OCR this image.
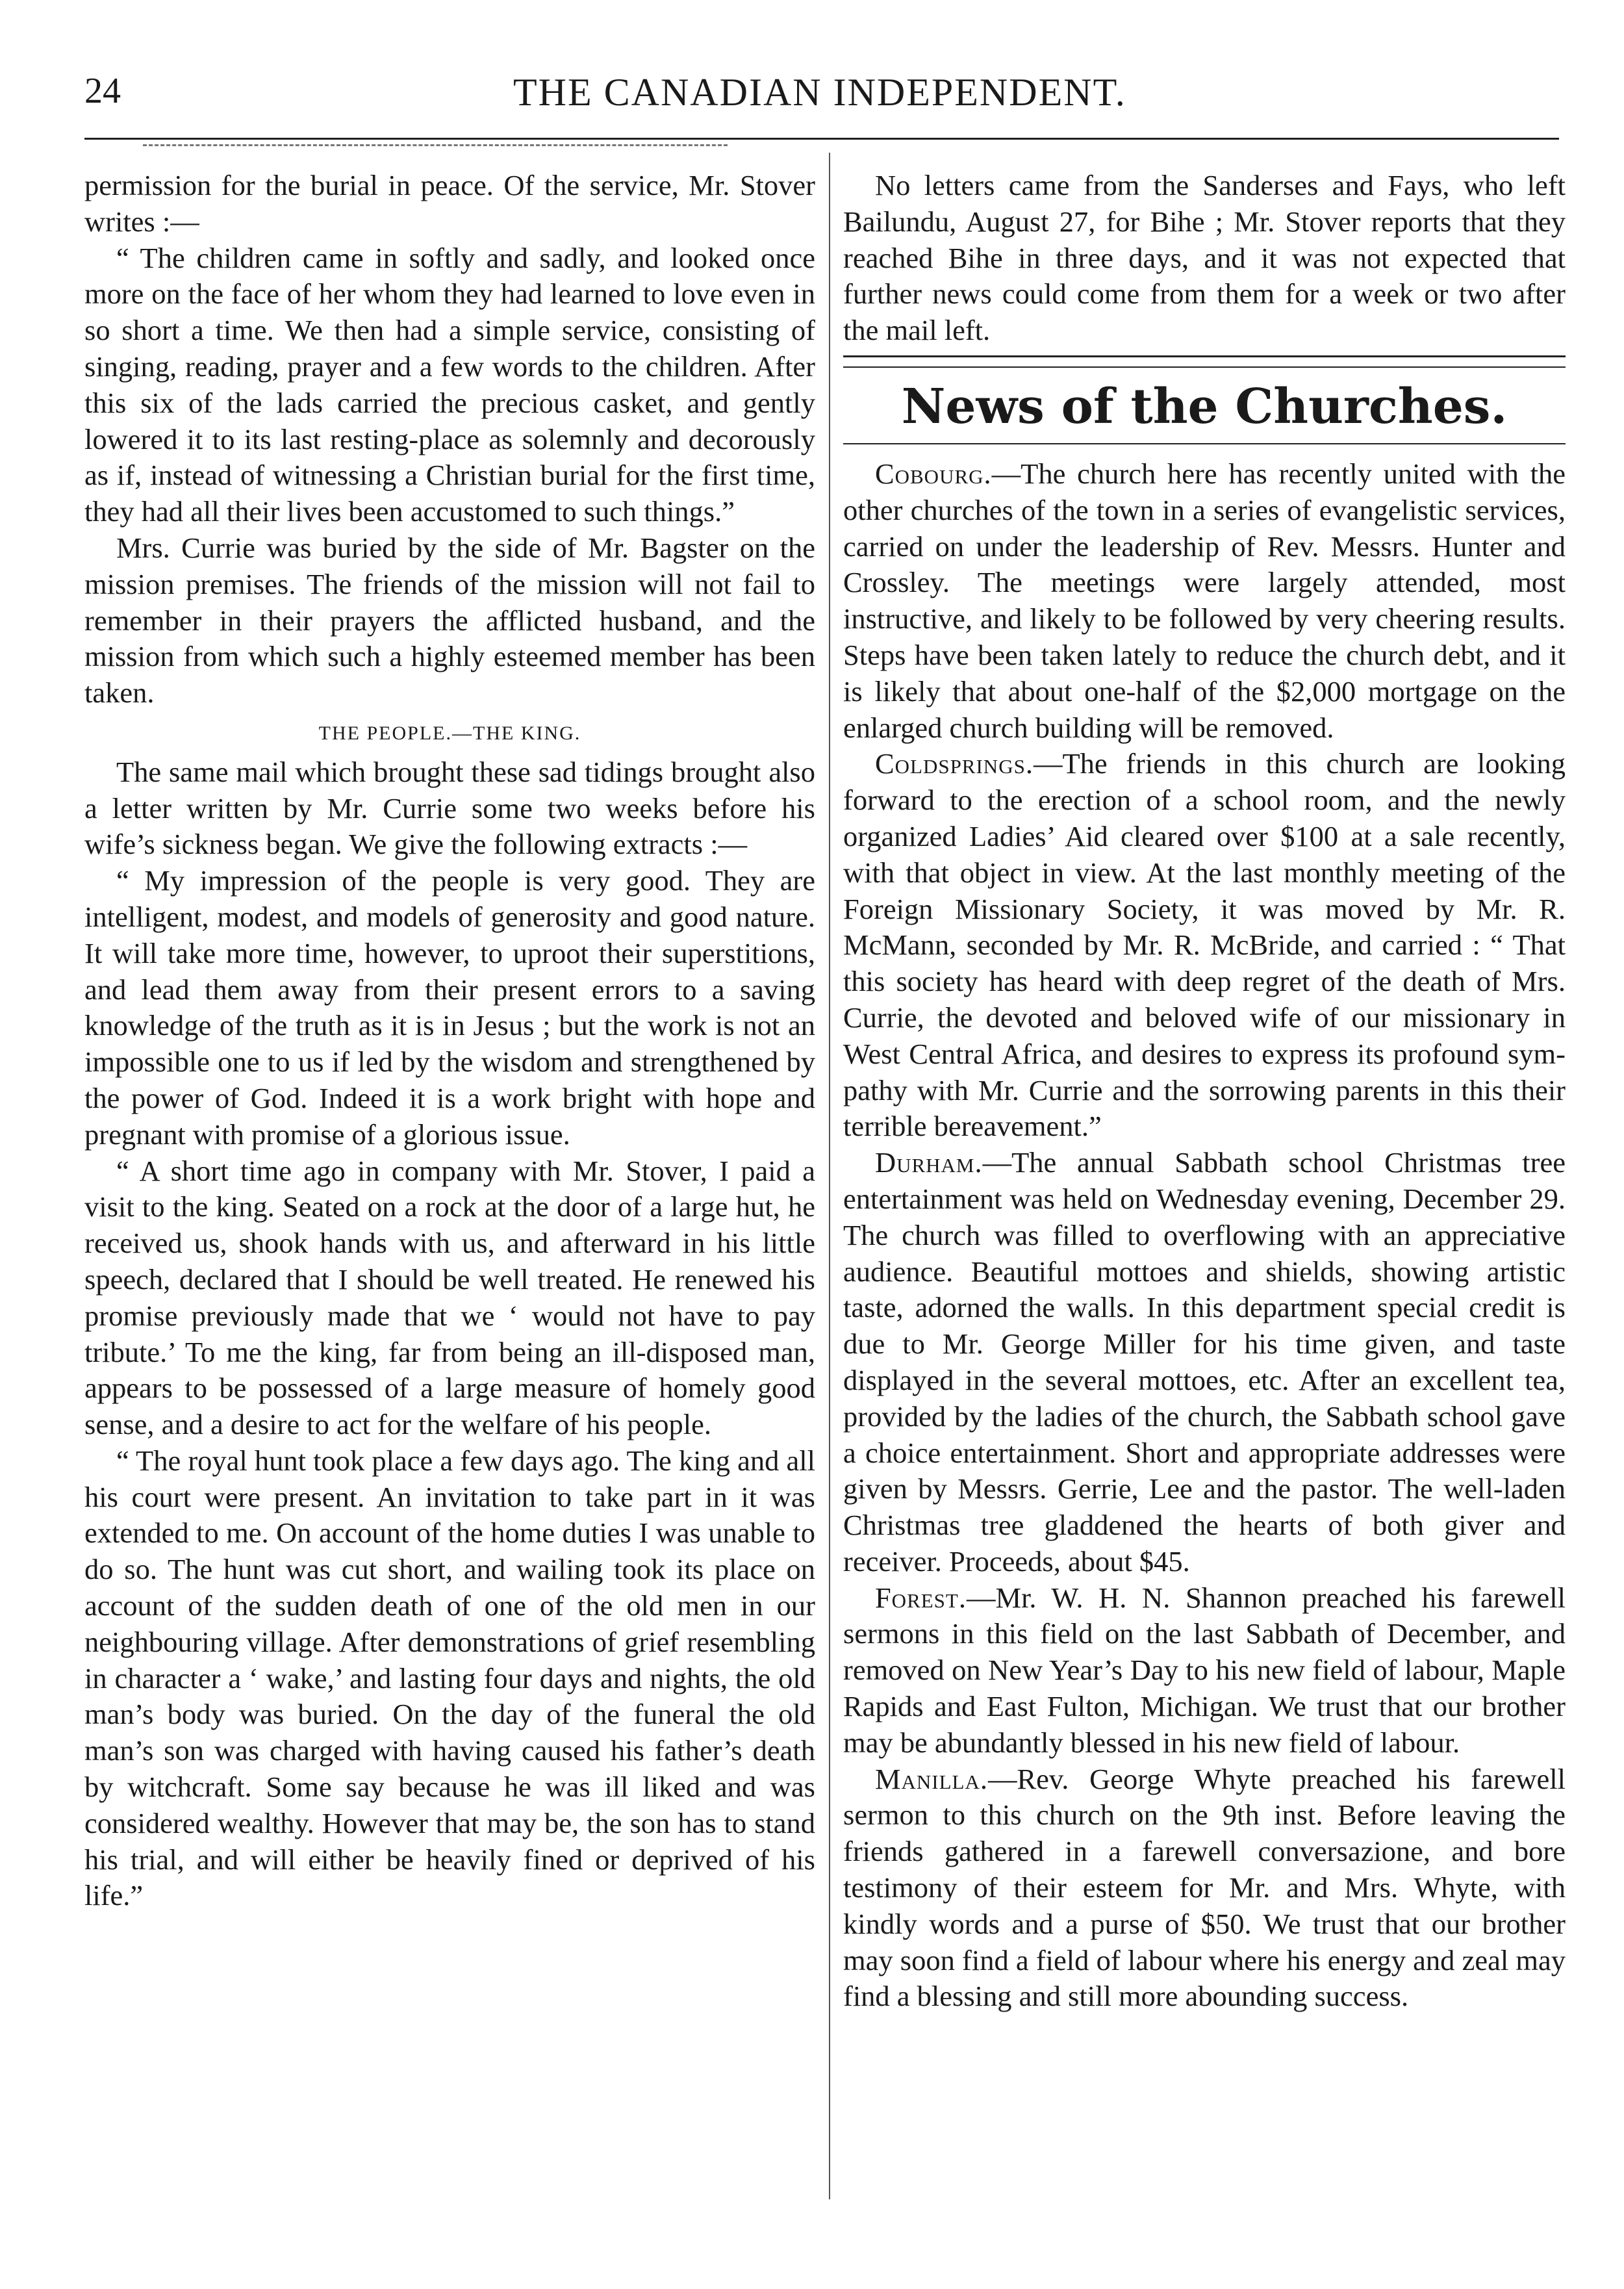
24	THE CANADIAN INDEPENDENT.

permission for the burial in peace. Of the service, Mr. Stover writes :—

“ The children came in softly and sadly, and looked once more on the face of her whom they had learned to love even in so short a time. We then had a simple service, consisting of singing, reading, prayer and a few words to the children. After this six of the lads carried the precious casket, and gently lowered it to its last resting-place as solemnly and decorously as if, instead of witnessing a Christian burial for the first time, they had all their lives been accustomed to such things.”

Mrs. Currie was buried by the side of Mr. Bagster on the mission premises. The friends of the mission will not fail to remember in their prayers the afflicted husband, and the mission from which such a highly esteemed member has been taken.

THE PEOPLE.—THE KING.

The same mail which brought these sad tidings brought also a letter written by Mr. Currie some two weeks before his wife’s sickness began. We give the following extracts :—

“ My impression of the people is very good. They are intelligent, modest, and models of generosity and good nature. It will take more time, however, to uproot their superstitions, and lead them away from their present errors to a saving knowledge of the truth as it is in Jesus ; but the work is not an impossible one to us if led by the wisdom and strengthened by the power of God. Indeed it is a work bright with hope and pregnant with promise of a glorious issue.

“ A short time ago in company with Mr. Stover, I paid a visit to the king. Seated on a rock at the door of a large hut, he received us, shook hands with us, and afterward in his little speech, declared that I should be well treated. He renewed his promise previously made that we ‘ would not have to pay tribute.’ To me the king, far from being an ill-disposed man, appears to be possessed of a large measure of homely good sense, and a desire to act for the welfare of his people.

“ The royal hunt took place a few days ago. The king and all his court were present. An invitation to take part in it was extended to me. On account of the home duties I was unable to do so. The hunt was cut short, and wailing took its place on account of the sudden death of one of the old men in our neighbouring village. After demonstrations of grief resembling in character a ‘ wake,’ and lasting four days and nights, the old man’s body was buried. On the day of the funeral the old man’s son was charged with having caused his father’s death by witchcraft. Some say because he was ill liked and was considered wealthy. However that may be, the son has to stand his trial, and will either be heavily fined or deprived of his life.”

No letters came from the Sanderses and Fays, who left Bailundu, August 27, for Bihe ; Mr. Stover reports that they reached Bihe in three days, and it was not expected that further news could come from them for a week or two after the mail left.

News of the Churches.

Cobourg.—The church here has recently united with the other churches of the town in a series of evangelistic services, carried on under the leadership of Rev. Messrs. Hunter and Crossley. The meetings were largely attended, most instructive, and likely to be followed by very cheering results. Steps have been taken lately to reduce the church debt, and it is likely that about one-half of the $2,000 mortgage on the enlarged church building will be removed.

Coldsprings.—The friends in this church are looking forward to the erection of a school room, and the newly organized Ladies’ Aid cleared over $100 at a sale recently, with that object in view. At the last monthly meeting of the Foreign Missionary Society, it was moved by Mr. R. McMann, seconded by Mr. R. McBride, and carried : “ That this society has heard with deep regret of the death of Mrs. Currie, the devoted and beloved wife of our missionary in West Central Africa, and desires to express its profound sympathy with Mr. Currie and the sorrowing parents in this their terrible bereavement.”

Durham.—The annual Sabbath school Christmas tree entertainment was held on Wednesday evening, December 29. The church was filled to overflowing with an appreciative audience. Beautiful mottoes and shields, showing artistic taste, adorned the walls. In this department special credit is due to Mr. George Miller for his time given, and taste displayed in the several mottoes, etc. After an excellent tea, provided by the ladies of the church, the Sabbath school gave a choice entertainment. Short and appropriate addresses were given by Messrs. Gerrie, Lee and the pastor. The well-laden Christmas tree gladdened the hearts of both giver and receiver. Proceeds, about $45.

Forest.—Mr. W. H. N. Shannon preached his farewell sermons in this field on the last Sabbath of December, and removed on New Year’s Day to his new field of labour, Maple Rapids and East Fulton, Michigan. We trust that our brother may be abundantly blessed in his new field of labour.

Manilla.—Rev. George Whyte preached his farewell sermon to this church on the 9th inst. Before leaving the friends gathered in a farewell conversazione, and bore testimony of their esteem for Mr. and Mrs. Whyte, with kindly words and a purse of $50. We trust that our brother may soon find a field of labour where his energy and zeal may find a blessing and still more abounding success.
